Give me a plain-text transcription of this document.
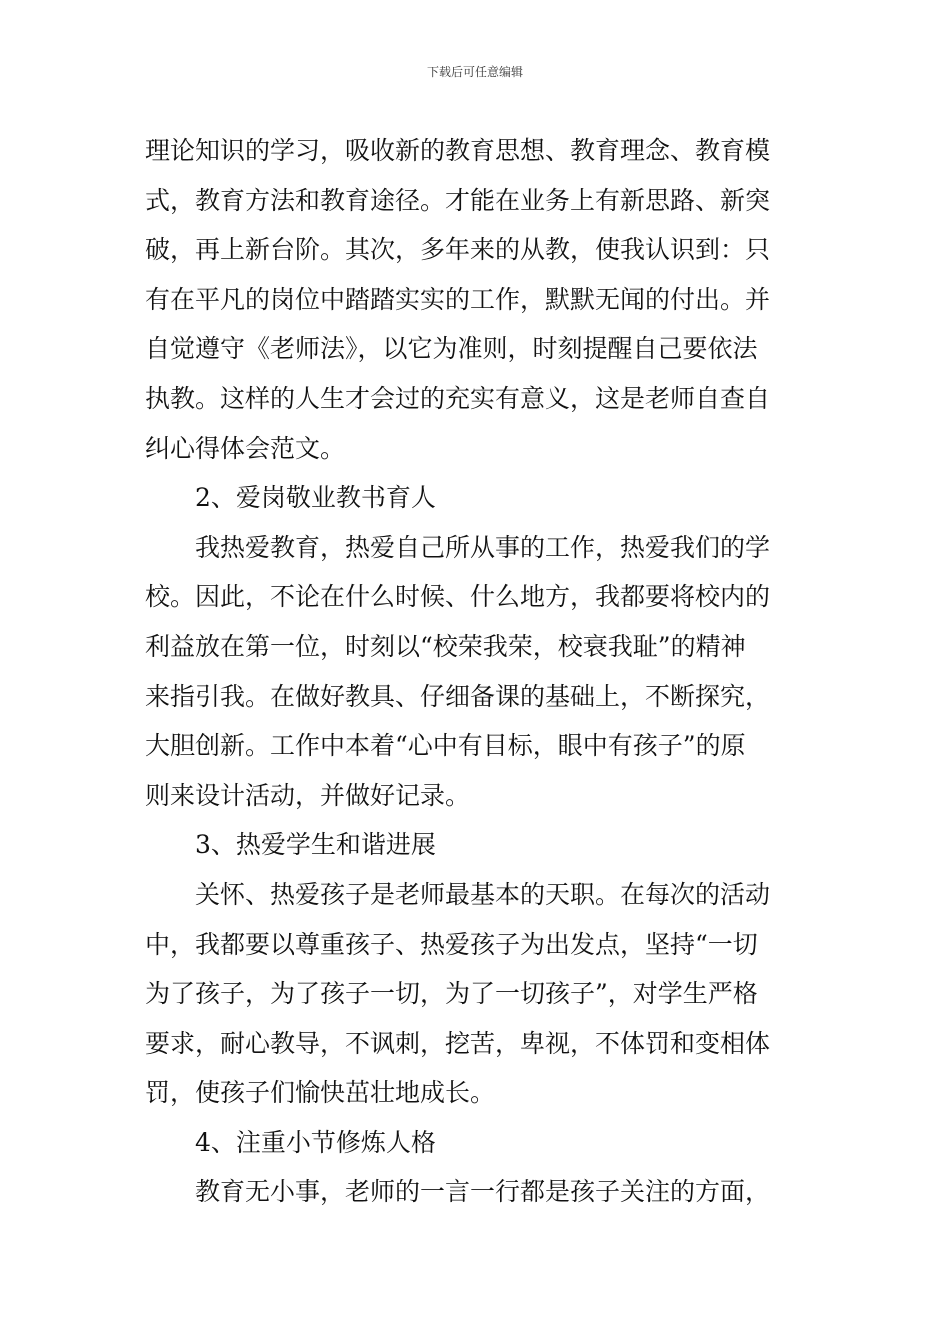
下载后可任意编辑
理论知识的学习，吸收新的教育思想、教育理念、教育模
式，教育方法和教育途径。才能在业务上有新思路、新突
破，再上新台阶。其次，多年来的从教，使我认识到：只
有在平凡的岗位中踏踏实实的工作，默默无闻的付出。并
自觉遵守《老师法》，以它为准则，时刻提醒自己要依法
执教。这样的人生才会过的充实有意义，这是老师自查自
纠心得体会范文。
2、爱岗敬业教书育人
我热爱教育，热爱自己所从事的工作，热爱我们的学
校。因此，不论在什么时候、什么地方，我都要将校内的
利益放在第一位，时刻以“校荣我荣，校衰我耻”的精神
来指引我。在做好教具、仔细备课的基础上，不断探究，
大胆创新。工作中本着“心中有目标，眼中有孩子”的原
则来设计活动，并做好记录。
3、热爱学生和谐进展
关怀、热爱孩子是老师最基本的天职。在每次的活动
中，我都要以尊重孩子、热爱孩子为出发点，坚持“一切
为了孩子，为了孩子一切，为了一切孩子”，对学生严格
要求，耐心教导，不讽刺，挖苦，卑视，不体罚和变相体
罚，使孩子们愉快茁壮地成长。
4、注重小节修炼人格
教育无小事，老师的一言一行都是孩子关注的方面，
